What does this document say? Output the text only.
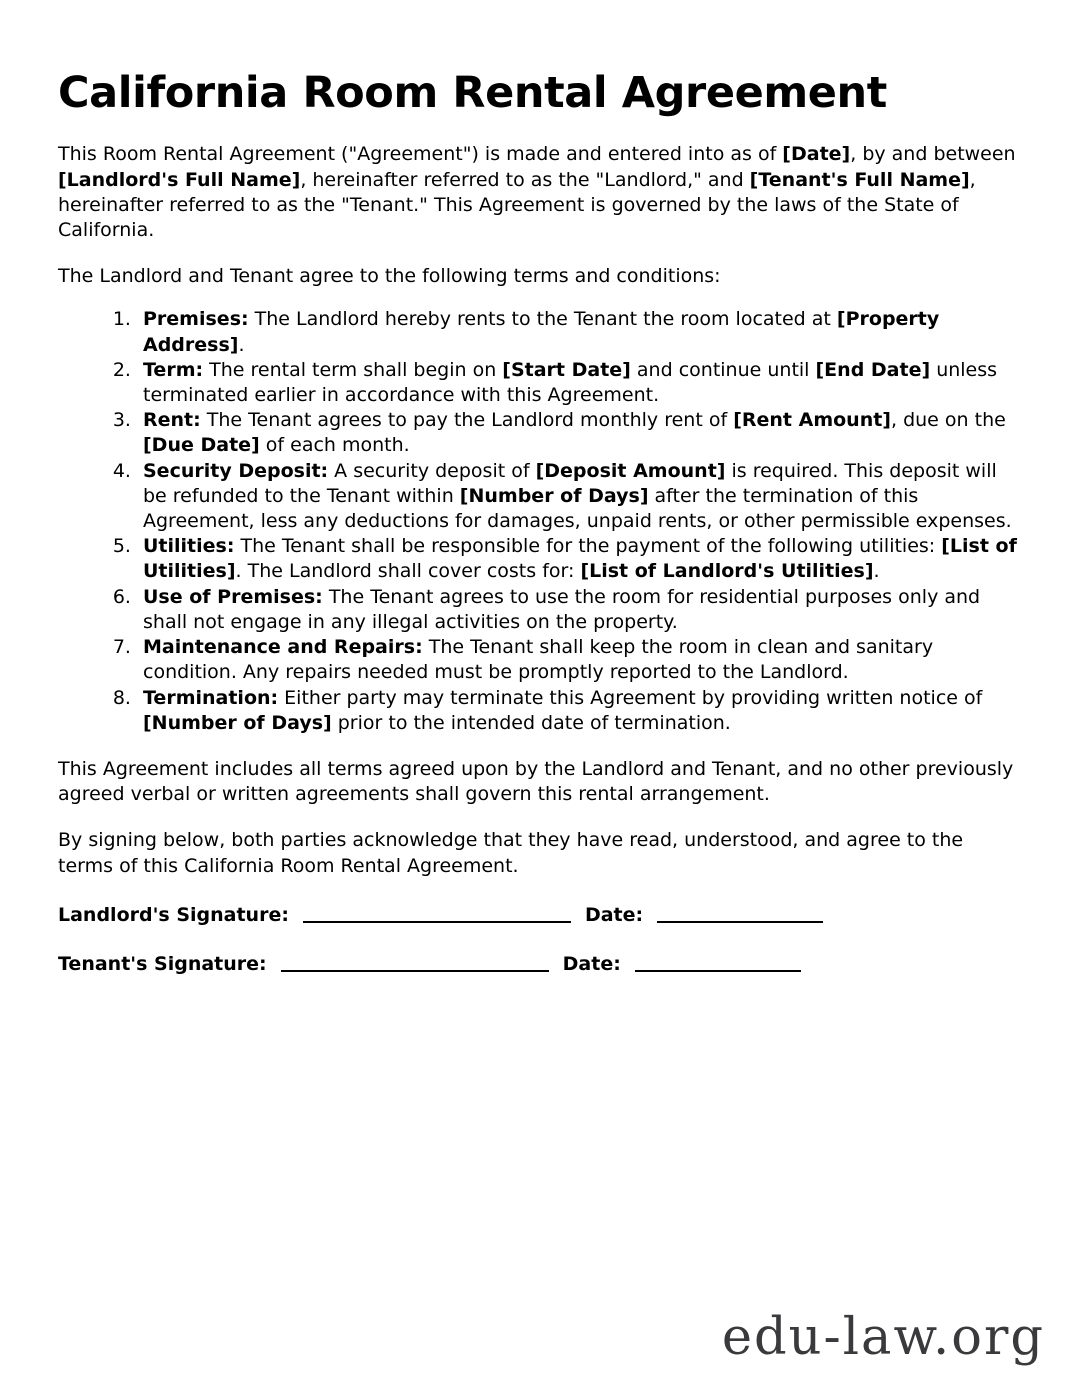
California Room Rental Agreement

This Room Rental Agreement ("Agreement") is made and entered into as of [Date], by and between [Landlord's Full Name], hereinafter referred to as the "Landlord," and [Tenant's Full Name], hereinafter referred to as the "Tenant." This Agreement is governed by the laws of the State of California.

The Landlord and Tenant agree to the following terms and conditions:

1. Premises: The Landlord hereby rents to the Tenant the room located at [Property Address].
2. Term: The rental term shall begin on [Start Date] and continue until [End Date] unless terminated earlier in accordance with this Agreement.
3. Rent: The Tenant agrees to pay the Landlord monthly rent of [Rent Amount], due on the [Due Date] of each month.
4. Security Deposit: A security deposit of [Deposit Amount] is required. This deposit will be refunded to the Tenant within [Number of Days] after the termination of this Agreement, less any deductions for damages, unpaid rents, or other permissible expenses.
5. Utilities: The Tenant shall be responsible for the payment of the following utilities: [List of Utilities]. The Landlord shall cover costs for: [List of Landlord's Utilities].
6. Use of Premises: The Tenant agrees to use the room for residential purposes only and shall not engage in any illegal activities on the property.
7. Maintenance and Repairs: The Tenant shall keep the room in clean and sanitary condition. Any repairs needed must be promptly reported to the Landlord.
8. Termination: Either party may terminate this Agreement by providing written notice of [Number of Days] prior to the intended date of termination.

This Agreement includes all terms agreed upon by the Landlord and Tenant, and no other previously agreed verbal or written agreements shall govern this rental arrangement.

By signing below, both parties acknowledge that they have read, understood, and agree to the terms of this California Room Rental Agreement.

Landlord's Signature:	Date:

Tenant's Signature:	Date:

edu-law.org
